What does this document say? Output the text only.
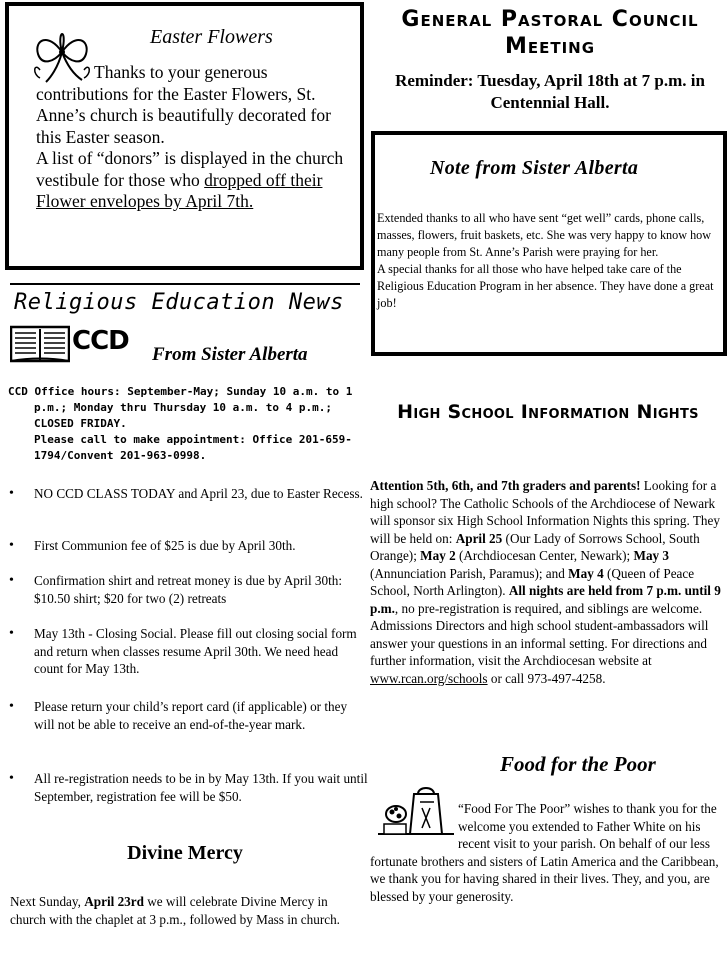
Easter Flowers

Thanks to your generous contributions for the Easter Flowers, St. Anne’s church is beautifully decorated for this Easter season.

A list of “donors” is displayed in the church vestibule for those who dropped off their Flower envelopes by April 7th.

General Pastoral Council Meeting
Reminder: Tuesday, April 18th at 7 p.m. in Centennial Hall.
Note from Sister Alberta

Extended thanks to all who have sent “get well” cards, phone calls, masses, flowers, fruit baskets, etc. She was very happy to know how many people from St. Anne’s Parish were praying for her.

A special thanks for all those who have helped take care of the Religious Education Program in her absence. They have done a great job!

Religious Education News
CCD From Sister Alberta

CCD Office hours: September-May; Sunday 10 a.m. to 1 p.m.; Monday thru Thursday 10 a.m. to 4 p.m.; CLOSED FRIDAY.

Please call to make appointment: Office 201-659-1794/Convent 201-963-0998.

• NO CCD CLASS TODAY and April 23, due to Easter Recess.
• First Communion fee of $25 is due by April 30th.
• Confirmation shirt and retreat money is due by April 30th: $10.50 shirt; $20 for two (2) retreats
• May 13th - Closing Social. Please fill out closing social form and return when classes resume April 30th. We need head count for May 13th.
• Please return your child’s report card (if applicable) or they will not be able to receive an end-of-the-year mark.
• All re-registration needs to be in by May 13th. If you wait until September, registration fee will be $50.
Divine Mercy
Next Sunday, April 23rd we will celebrate Divine Mercy in church with the chaplet at 3 p.m., followed by Mass in church.
High School Information Nights
Attention 5th, 6th, and 7th graders and parents! Looking for a high school? The Catholic Schools of the Archdiocese of Newark will sponsor six High School Information Nights this spring. They will be held on: April 25 (Our Lady of Sorrows School, South Orange); May 2 (Archdiocesan Center, Newark); May 3 (Annunciation Parish, Paramus); and May 4 (Queen of Peace School, North Arlington). All nights are held from 7 p.m. until 9 p.m., no pre-registration is required, and siblings are welcome. Admissions Directors and high school student-ambassadors will answer your questions in an informal setting. For directions and further information, visit the Archdiocesan website at www.rcan.org/schools or call 973-497-4258.
Food for the Poor
“Food For The Poor” wishes to thank you for the welcome you extended to Father White on his recent visit to your parish. On behalf of our less fortunate brothers and sisters of Latin America and the Caribbean, we thank you for having shared in their lives. They, and you, are blessed by your generosity.
